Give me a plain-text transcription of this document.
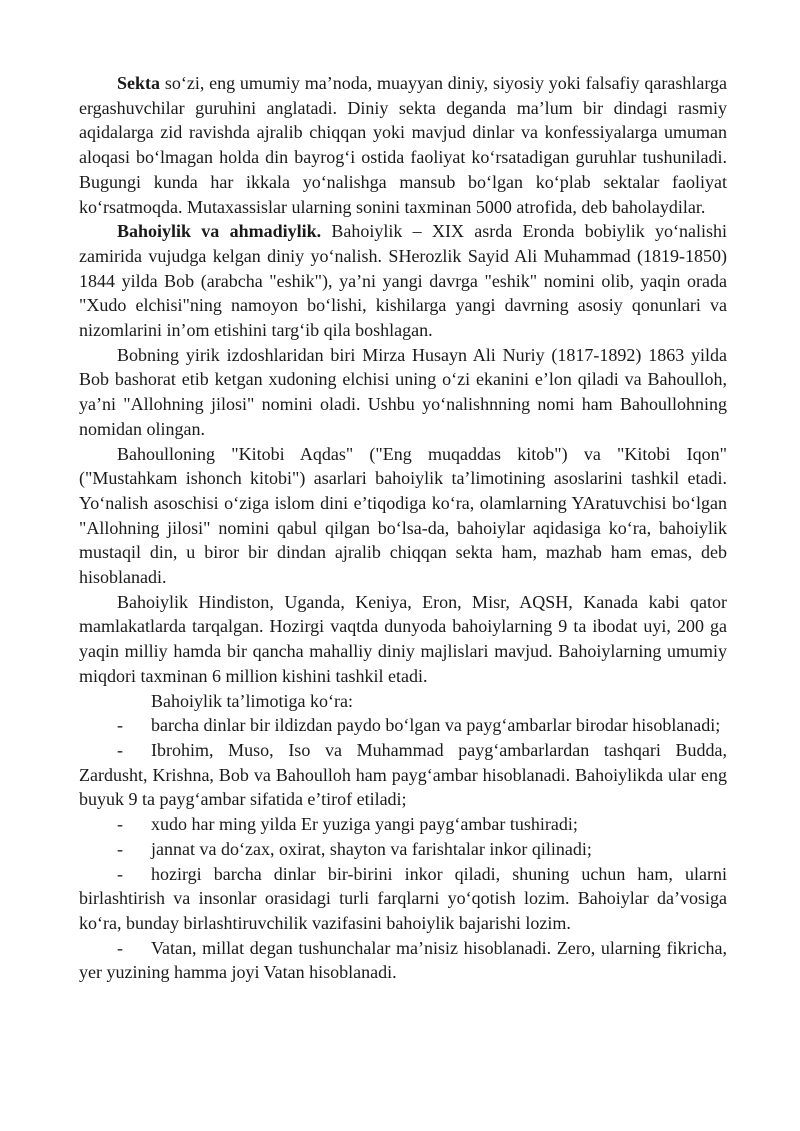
Sekta so‘zi, eng umumiy ma’noda, muayyan diniy, siyosiy yoki falsafiy qarashlarga ergashuvchilar guruhini anglatadi. Diniy sekta deganda ma’lum bir dindagi rasmiy aqidalarga zid ravishda ajralib chiqqan yoki mavjud dinlar va konfessiyalarga umuman aloqasi bo‘lmagan holda din bayrog‘i ostida faoliyat ko‘rsatadigan guruhlar tushuniladi. Bugungi kunda har ikkala yo‘nalishga mansub bo‘lgan ko‘plab sektalar faoliyat ko‘rsatmoqda. Mutaxassislar ularning sonini taxminan 5000 atrofida, deb baholaydilar.

Bahoiylik va ahmadiylik. Bahoiylik – XIX asrda Eronda bobiylik yo‘nalishi zamirida vujudga kelgan diniy yo‘nalish. SHerozlik Sayid Ali Muhammad (1819-1850) 1844 yilda Bob (arabcha "eshik"), ya’ni yangi davrga "eshik" nomini olib, yaqin orada "Xudo elchisi"ning namoyon bo‘lishi, kishilarga yangi davrning asosiy qonunlari va nizomlarini in’om etishini targ‘ib qila boshlagan.

Bobning yirik izdoshlaridan biri Mirza Husayn Ali Nuriy (1817-1892) 1863 yilda Bob bashorat etib ketgan xudoning elchisi uning o‘zi ekanini e’lon qiladi va Bahoulloh, ya’ni "Allohning jilosi" nomini oladi. Ushbu yo‘nalishnning nomi ham Bahoullohning nomidan olingan.

Bahoulloning "Kitobi Aqdas" ("Eng muqaddas kitob") va "Kitobi Iqon" ("Mustahkam ishonch kitobi") asarlari bahoiylik ta’limotining asoslarini tashkil etadi. Yo‘nalish asoschisi o‘ziga islom dini e’tiqodiga ko‘ra, olamlarning YAratuvchisi bo‘lgan "Allohning jilosi" nomini qabul qilgan bo‘lsa-da, bahoiylar aqidasiga ko‘ra, bahoiylik mustaqil din, u biror bir dindan ajralib chiqqan sekta ham, mazhab ham emas, deb hisoblanadi.

Bahoiylik Hindiston, Uganda, Keniya, Eron, Misr, AQSH, Kanada kabi qator mamlakatlarda tarqalgan. Hozirgi vaqtda dunyoda bahoiylarning 9 ta ibodat uyi, 200 ga yaqin milliy hamda bir qancha mahalliy diniy majlislari mavjud. Bahoiylarning umumiy miqdori taxminan 6 million kishini tashkil etadi.

Bahoiylik ta’limotiga ko‘ra:

- barcha dinlar bir ildizdan paydo bo‘lgan va payg‘ambarlar birodar hisoblanadi;

- Ibrohim, Muso, Iso va Muhammad payg‘ambarlardan tashqari Budda, Zardusht, Krishna, Bob va Bahoulloh ham payg‘ambar hisoblanadi. Bahoiylikda ular eng buyuk 9 ta payg‘ambar sifatida e’tirof etiladi;

- xudo har ming yilda Er yuziga yangi payg‘ambar tushiradi;

- jannat va do‘zax, oxirat, shayton va farishtalar inkor qilinadi;

- hozirgi barcha dinlar bir-birini inkor qiladi, shuning uchun ham, ularni birlashtirish va insonlar orasidagi turli farqlarni yo‘qotish lozim. Bahoiylar da’vosiga ko‘ra, bunday birlashtiruvchilik vazifasini bahoiylik bajarishi lozim.

- Vatan, millat degan tushunchalar ma’nisiz hisoblanadi. Zero, ularning fikricha, yer yuzining hamma joyi Vatan hisoblanadi.
